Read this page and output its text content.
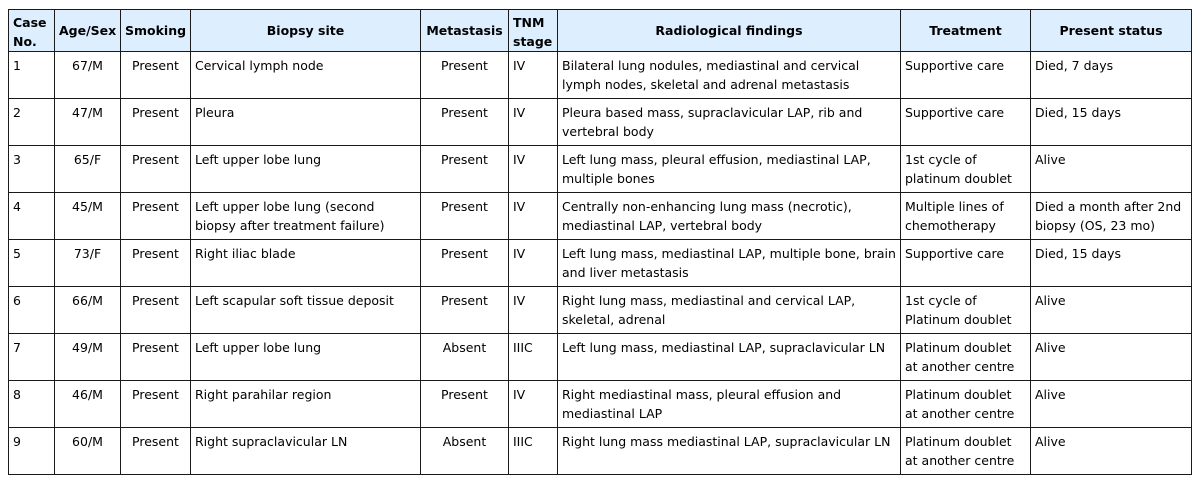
Case No.	Age/Sex	Smoking	Biopsy site	Metastasis	TNM stage	Radiological findings	Treatment	Present status
1	67/M	Present	Cervical lymph node	Present	IV	Bilateral lung nodules, mediastinal and cervical lymph nodes, skeletal and adrenal metastasis	Supportive care	Died, 7 days
2	47/M	Present	Pleura	Present	IV	Pleura based mass, supraclavicular LAP, rib and vertebral body	Supportive care	Died, 15 days
3	65/F	Present	Left upper lobe lung	Present	IV	Left lung mass, pleural effusion, mediastinal LAP, multiple bones	1st cycle of platinum doublet	Alive
4	45/M	Present	Left upper lobe lung (second biopsy after treatment failure)	Present	IV	Centrally non-enhancing lung mass (necrotic), mediastinal LAP, vertebral body	Multiple lines of chemotherapy	Died a month after 2nd biopsy (OS, 23 mo)
5	73/F	Present	Right iliac blade	Present	IV	Left lung mass, mediastinal LAP, multiple bone, brain and liver metastasis	Supportive care	Died, 15 days
6	66/M	Present	Left scapular soft tissue deposit	Present	IV	Right lung mass, mediastinal and cervical LAP, skeletal, adrenal	1st cycle of Platinum doublet	Alive
7	49/M	Present	Left upper lobe lung	Absent	IIIC	Left lung mass, mediastinal LAP, supraclavicular LN	Platinum doublet at another centre	Alive
8	46/M	Present	Right parahilar region	Present	IV	Right mediastinal mass, pleural effusion and mediastinal LAP	Platinum doublet at another centre	Alive
9	60/M	Present	Right supraclavicular LN	Absent	IIIC	Right lung mass mediastinal LAP, supraclavicular LN	Platinum doublet at another centre	Alive
